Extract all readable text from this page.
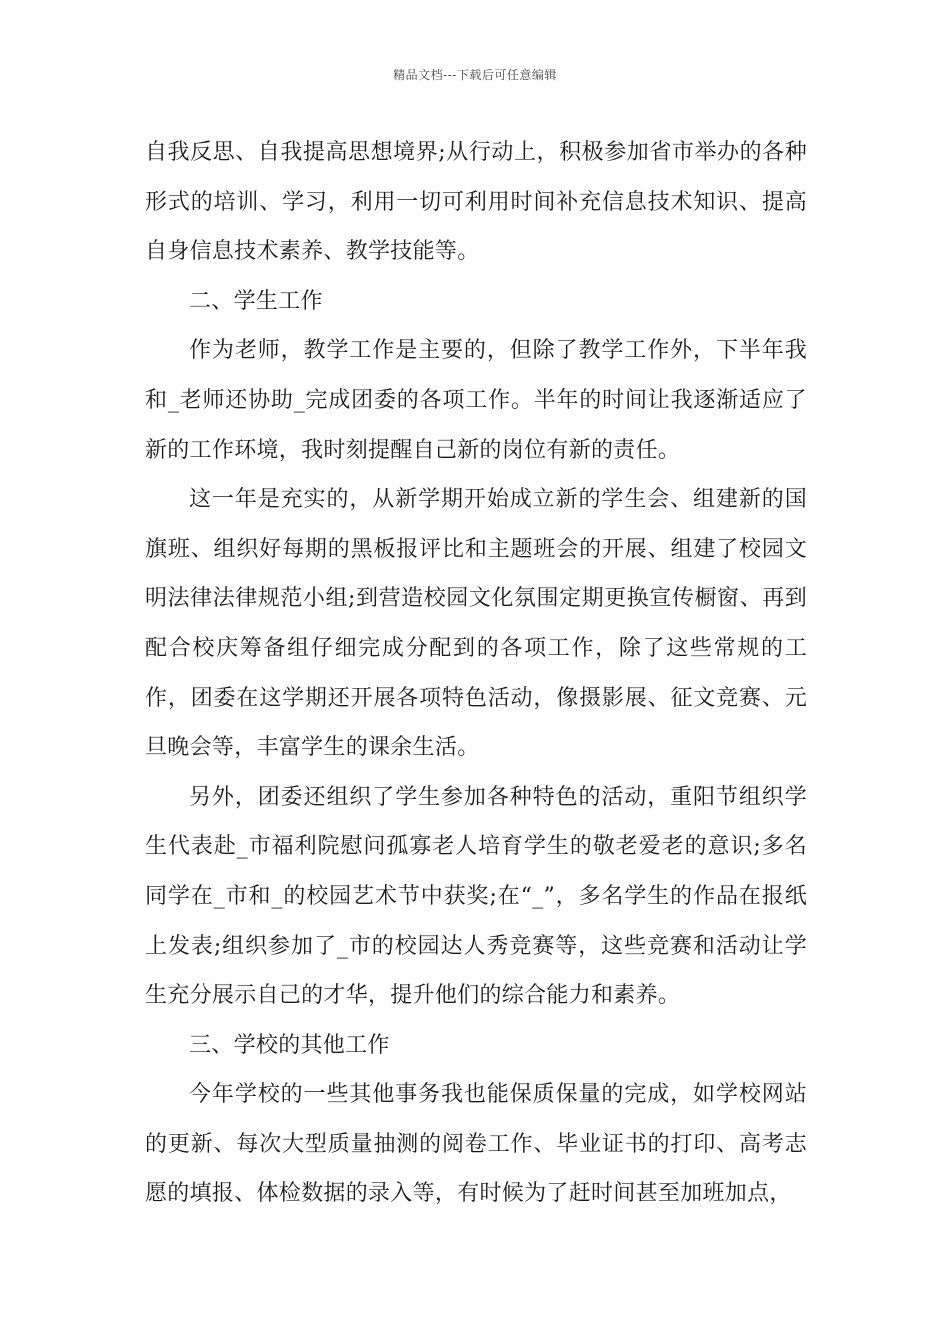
精品文档---下载后可任意编辑

自我反思、自我提高思想境界;从行动上，积极参加省市举办的各种形式的培训、学习，利用一切可利用时间补充信息技术知识、提高自身信息技术素养、教学技能等。

二、学生工作

作为老师，教学工作是主要的，但除了教学工作外，下半年我和_老师还协助_完成团委的各项工作。半年的时间让我逐渐适应了新的工作环境，我时刻提醒自己新的岗位有新的责任。

这一年是充实的，从新学期开始成立新的学生会、组建新的国旗班、组织好每期的黑板报评比和主题班会的开展、组建了校园文明法律法律规范小组;到营造校园文化氛围定期更换宣传橱窗、再到配合校庆筹备组仔细完成分配到的各项工作，除了这些常规的工作，团委在这学期还开展各项特色活动，像摄影展、征文竞赛、元旦晚会等，丰富学生的课余生活。

另外，团委还组织了学生参加各种特色的活动，重阳节组织学生代表赴_市福利院慰问孤寡老人培育学生的敬老爱老的意识;多名同学在_市和_的校园艺术节中获奖;在“_”，多名学生的作品在报纸上发表;组织参加了_市的校园达人秀竞赛等，这些竞赛和活动让学生充分展示自己的才华，提升他们的综合能力和素养。

三、学校的其他工作

今年学校的一些其他事务我也能保质保量的完成，如学校网站的更新、每次大型质量抽测的阅卷工作、毕业证书的打印、高考志愿的填报、体检数据的录入等，有时候为了赶时间甚至加班加点，
